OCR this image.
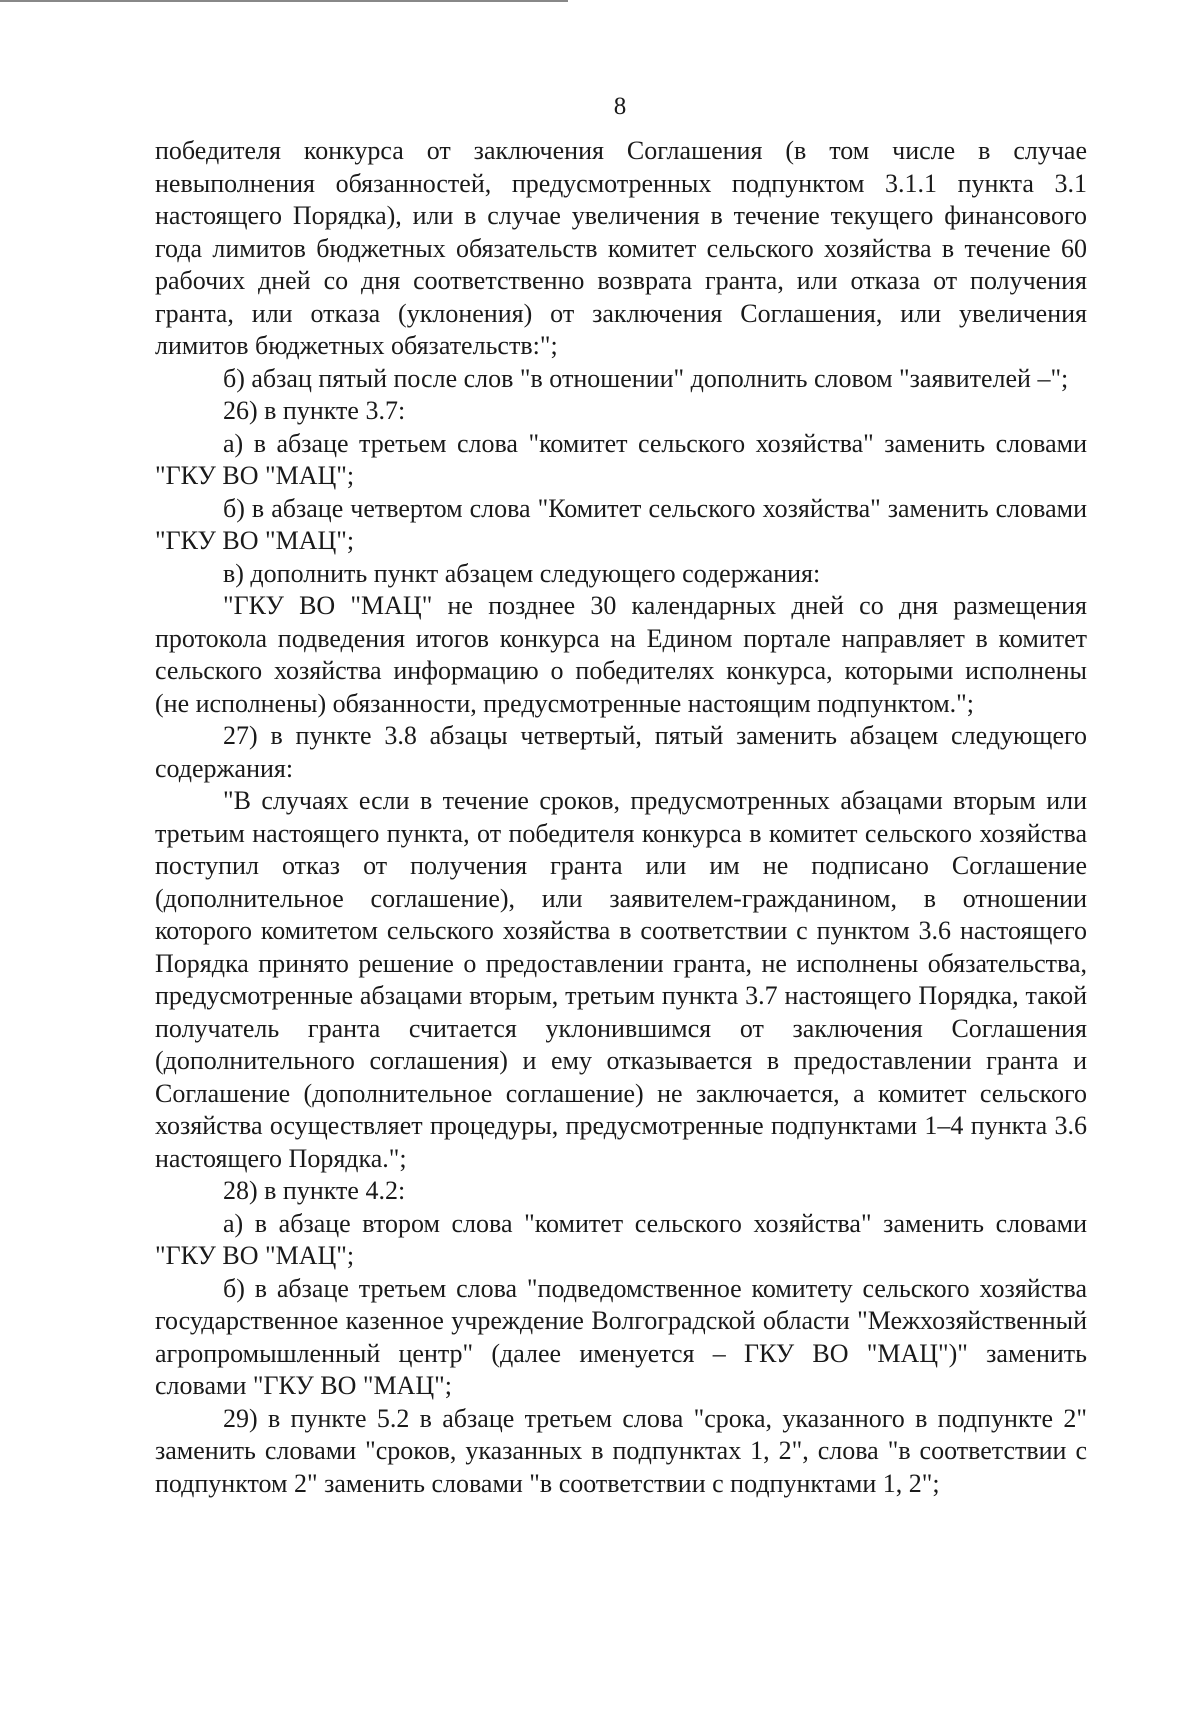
8

победителя конкурса от заключения Соглашения (в том числе в случае невыполнения обязанностей, предусмотренных подпунктом 3.1.1 пункта 3.1 настоящего Порядка), или в случае увеличения в течение текущего финансового года лимитов бюджетных обязательств комитет сельского хозяйства в течение 60 рабочих дней со дня соответственно возврата гранта, или отказа от получения гранта, или отказа (уклонения) от заключения Соглашения, или увеличения лимитов бюджетных обязательств:";

б) абзац пятый после слов "в отношении" дополнить словом "заявителей –";

26) в пункте 3.7:

а) в абзаце третьем слова "комитет сельского хозяйства" заменить словами "ГКУ ВО "МАЦ";

б) в абзаце четвертом слова "Комитет сельского хозяйства" заменить словами "ГКУ ВО "МАЦ";

в) дополнить пункт абзацем следующего содержания:

"ГКУ ВО "МАЦ" не позднее 30 календарных дней со дня размещения протокола подведения итогов конкурса на Едином портале направляет в комитет сельского хозяйства информацию о победителях конкурса, которыми исполнены (не исполнены) обязанности, предусмотренные настоящим подпунктом.";

27) в пункте 3.8 абзацы четвертый, пятый заменить абзацем следующего содержания:

"В случаях если в течение сроков, предусмотренных абзацами вторым или третьим настоящего пункта, от победителя конкурса в комитет сельского хозяйства поступил отказ от получения гранта или им не подписано Соглашение (дополнительное соглашение), или заявителем-гражданином, в отношении которого комитетом сельского хозяйства в соответствии с пунктом 3.6 настоящего Порядка принято решение о предоставлении гранта, не исполнены обязательства, предусмотренные абзацами вторым, третьим пункта 3.7 настоящего Порядка, такой получатель гранта считается уклонившимся от заключения Соглашения (дополнительного соглашения) и ему отказывается в предоставлении гранта и Соглашение (дополнительное соглашение) не заключается, а комитет сельского хозяйства осуществляет процедуры, предусмотренные подпунктами 1–4 пункта 3.6 настоящего Порядка.";

28) в пункте 4.2:

а) в абзаце втором слова "комитет сельского хозяйства" заменить словами "ГКУ ВО "МАЦ";

б) в абзаце третьем слова "подведомственное комитету сельского хозяйства государственное казенное учреждение Волгоградской области "Межхозяйственный агропромышленный центр" (далее именуется – ГКУ ВО "МАЦ")" заменить словами "ГКУ ВО "МАЦ";

29) в пункте 5.2 в абзаце третьем слова "срока, указанного в подпункте 2" заменить словами "сроков, указанных в подпунктах 1, 2", слова "в соответствии с подпунктом 2" заменить словами "в соответствии с подпунктами 1, 2";
